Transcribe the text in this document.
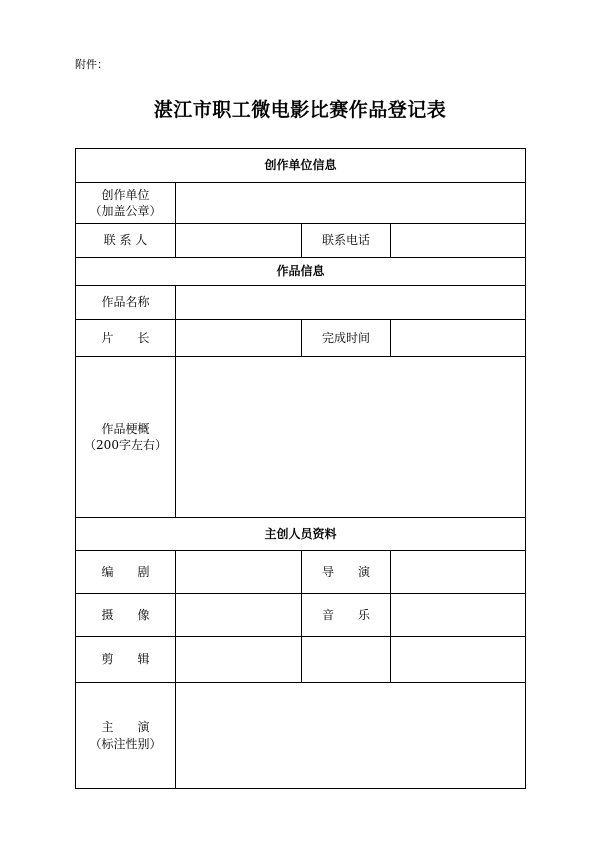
附件：
湛江市职工微电影比赛作品登记表
创作单位信息			

创作单位
（加盖公章）			

联 系 人		联系电话	
作品信息			
作品名称			
片　　长		完成时间	

作品梗概
（200字左右）			

主创人员资料			
编　　剧		导　　演	
摄　　像		音　　乐	
剪　　辑			

主　　演
（标注性别）			
